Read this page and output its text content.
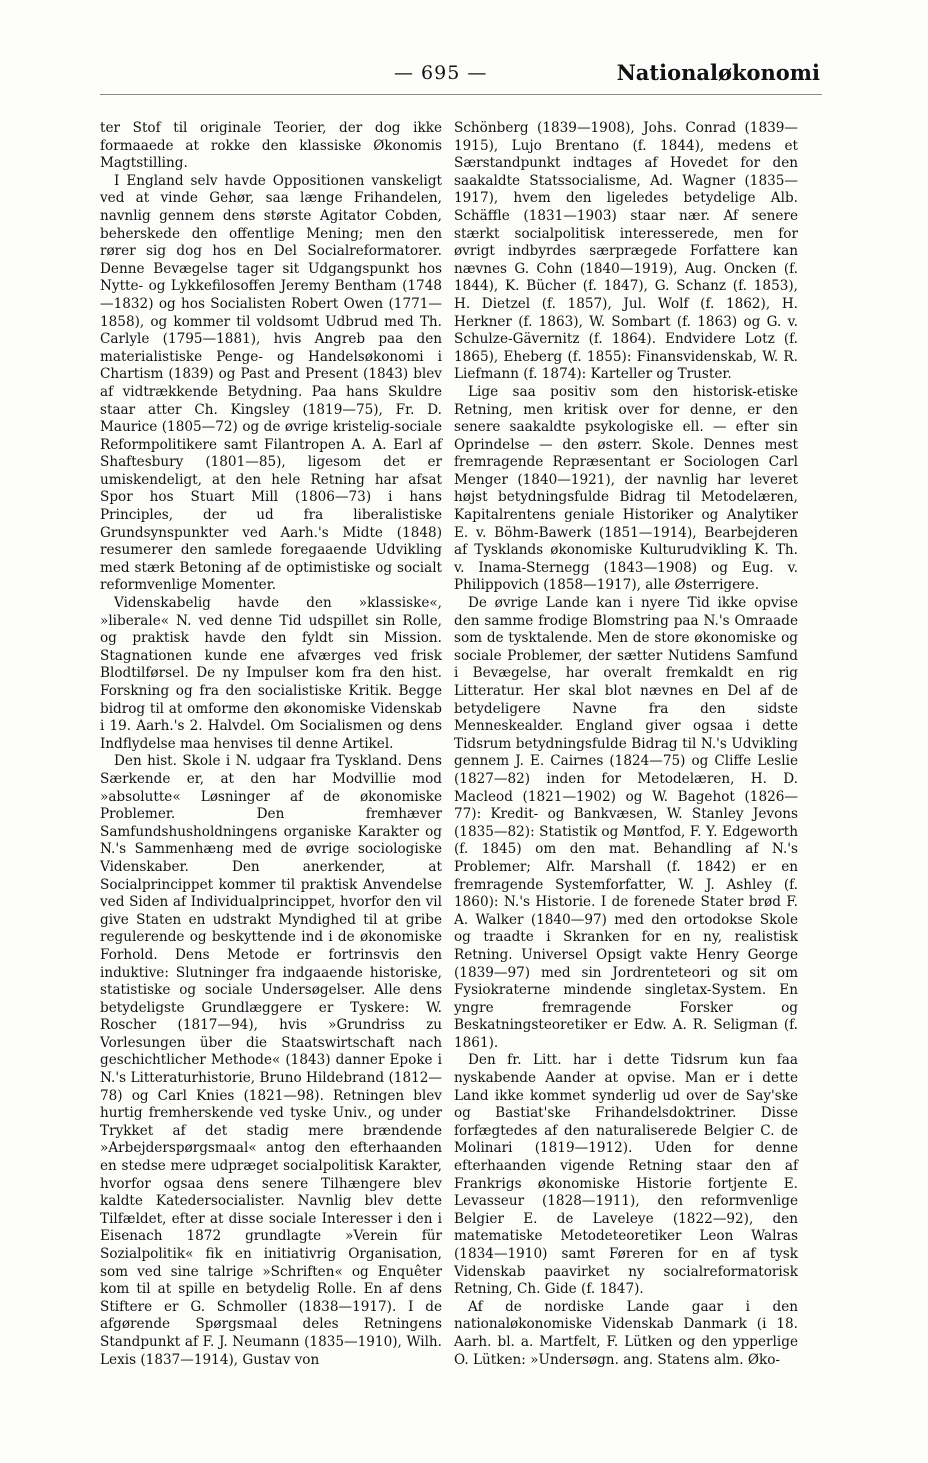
— 695 —	Nationaløkonomi

ter Stof til originale Teorier, der dog ikke formaaede at rokke den klassiske Økonomis Magtstilling.

I England selv havde Oppositionen vanskeligt ved at vinde Gehør, saa længe Frihandelen, navnlig gennem dens største Agitator Cobden, beherskede den offentlige Mening; men den rører sig dog hos en Del Socialreformatorer. Denne Bevægelse tager sit Udgangspunkt hos Nytte- og Lykkefilosoffen Jeremy Bentham (1748—1832) og hos Socialisten Robert Owen (1771—1858), og kommer til voldsomt Udbrud med Th. Carlyle (1795—1881), hvis Angreb paa den materialistiske Penge- og Handelsøkonomi i Chartism (1839) og Past and Present (1843) blev af vidtrækkende Betydning. Paa hans Skuldre staar atter Ch. Kingsley (1819—75), Fr. D. Maurice (1805—72) og de øvrige kristelig-sociale Reformpolitikere samt Filantropen A. A. Earl af Shaftesbury (1801—85), ligesom det er umiskendeligt, at den hele Retning har afsat Spor hos Stuart Mill (1806—73) i hans Principles, der ud fra liberalistiske Grundsynspunkter ved Aarh.'s Midte (1848) resumerer den samlede foregaaende Udvikling med stærk Betoning af de optimistiske og socialt reformvenlige Momenter.

Videnskabelig havde den »klassiske«, »liberale« N. ved denne Tid udspillet sin Rolle, og praktisk havde den fyldt sin Mission. Stagnationen kunde ene afværges ved frisk Blodtilførsel. De ny Impulser kom fra den hist. Forskning og fra den socialistiske Kritik. Begge bidrog til at omforme den økonomiske Videnskab i 19. Aarh.'s 2. Halvdel. Om Socialismen og dens Indflydelse maa henvises til denne Artikel.

Den hist. Skole i N. udgaar fra Tyskland. Dens Særkende er, at den har Modvillie mod »absolutte« Løsninger af de økonomiske Problemer. Den fremhæver Samfundshusholdningens organiske Karakter og N.'s Sammenhæng med de øvrige sociologiske Videnskaber. Den anerkender, at Socialprincippet kommer til praktisk Anvendelse ved Siden af Individualprincippet, hvorfor den vil give Staten en udstrakt Myndighed til at gribe regulerende og beskyttende ind i de økonomiske Forhold. Dens Metode er fortrinsvis den induktive: Slutninger fra indgaaende historiske, statistiske og sociale Undersøgelser. Alle dens betydeligste Grundlæggere er Tyskere: W. Roscher (1817—94), hvis »Grundriss zu Vorlesungen über die Staatswirtschaft nach geschichtlicher Methode« (1843) danner Epoke i N.'s Litteraturhistorie, Bruno Hildebrand (1812—78) og Carl Knies (1821—98). Retningen blev hurtig fremherskende ved tyske Univ., og under Trykket af det stadig mere brændende »Arbejderspørgsmaal« antog den efterhaanden en stedse mere udpræget socialpolitisk Karakter, hvorfor ogsaa dens senere Tilhængere blev kaldte Katedersocialister. Navnlig blev dette Tilfældet, efter at disse sociale Interesser i den i Eisenach 1872 grundlagte »Verein für Sozialpolitik« fik en initiativrig Organisation, som ved sine talrige »Schriften« og Enquêter kom til at spille en betydelig Rolle. En af dens Stiftere er G. Schmoller (1838—1917). I de afgørende Spørgsmaal deles Retningens Standpunkt af F. J. Neumann (1835—1910), Wilh. Lexis (1837—1914), Gustav von

Schönberg (1839—1908), Johs. Conrad (1839—1915), Lujo Brentano (f. 1844), medens et Særstandpunkt indtages af Hovedet for den saakaldte Statssocialisme, Ad. Wagner (1835—1917), hvem den ligeledes betydelige Alb. Schäffle (1831—1903) staar nær. Af senere stærkt socialpolitisk interesserede, men for øvrigt indbyrdes særprægede Forfattere kan nævnes G. Cohn (1840—1919), Aug. Oncken (f. 1844), K. Bücher (f. 1847), G. Schanz (f. 1853), H. Dietzel (f. 1857), Jul. Wolf (f. 1862), H. Herkner (f. 1863), W. Sombart (f. 1863) og G. v. Schulze-Gävernitz (f. 1864). Endvidere Lotz (f. 1865), Eheberg (f. 1855): Finansvidenskab, W. R. Liefmann (f. 1874): Karteller og Truster.

Lige saa positiv som den historisk-etiske Retning, men kritisk over for denne, er den senere saakaldte psykologiske ell. — efter sin Oprindelse — den østerr. Skole. Dennes mest fremragende Repræsentant er Sociologen Carl Menger (1840—1921), der navnlig har leveret højst betydningsfulde Bidrag til Metodelæren, Kapitalrentens geniale Historiker og Analytiker E. v. Böhm-Bawerk (1851—1914), Bearbejderen af Tysklands økonomiske Kulturudvikling K. Th. v. Inama-Sternegg (1843—1908) og Eug. v. Philippovich (1858—1917), alle Østerrigere.

De øvrige Lande kan i nyere Tid ikke opvise den samme frodige Blomstring paa N.'s Omraade som de tysktalende. Men de store økonomiske og sociale Problemer, der sætter Nutidens Samfund i Bevægelse, har overalt fremkaldt en rig Litteratur. Her skal blot nævnes en Del af de betydeligere Navne fra den sidste Menneskealder. England giver ogsaa i dette Tidsrum betydningsfulde Bidrag til N.'s Udvikling gennem J. E. Cairnes (1824—75) og Cliffe Leslie (1827—82) inden for Metodelæren, H. D. Macleod (1821—1902) og W. Bagehot (1826—77): Kredit- og Bankvæsen, W. Stanley Jevons (1835—82): Statistik og Møntfod, F. Y. Edgeworth (f. 1845) om den mat. Behandling af N.'s Problemer; Alfr. Marshall (f. 1842) er en fremragende Systemforfatter, W. J. Ashley (f. 1860): N.'s Historie. I de forenede Stater brød F. A. Walker (1840—97) med den ortodokse Skole og traadte i Skranken for en ny, realistisk Retning. Universel Opsigt vakte Henry George (1839—97) med sin Jordrenteteori og sit om Fysiokraterne mindende singletax-System. En yngre fremragende Forsker og Beskatningsteoretiker er Edw. A. R. Seligman (f. 1861).

Den fr. Litt. har i dette Tidsrum kun faa nyskabende Aander at opvise. Man er i dette Land ikke kommet synderlig ud over de Say'ske og Bastiat'ske Frihandelsdoktriner. Disse forfægtedes af den naturaliserede Belgier C. de Molinari (1819—1912). Uden for denne efterhaanden vigende Retning staar den af Frankrigs økonomiske Historie fortjente E. Levasseur (1828—1911), den reformvenlige Belgier E. de Laveleye (1822—92), den matematiske Metodeteoretiker Leon Walras (1834—1910) samt Føreren for en af tysk Videnskab paavirket ny socialreformatorisk Retning, Ch. Gide (f. 1847).

Af de nordiske Lande gaar i den nationaløkonomiske Videnskab Danmark (i 18. Aarh. bl. a. Martfelt, F. Lütken og den ypperlige O. Lütken: »Undersøgn. ang. Statens alm. Øko-
